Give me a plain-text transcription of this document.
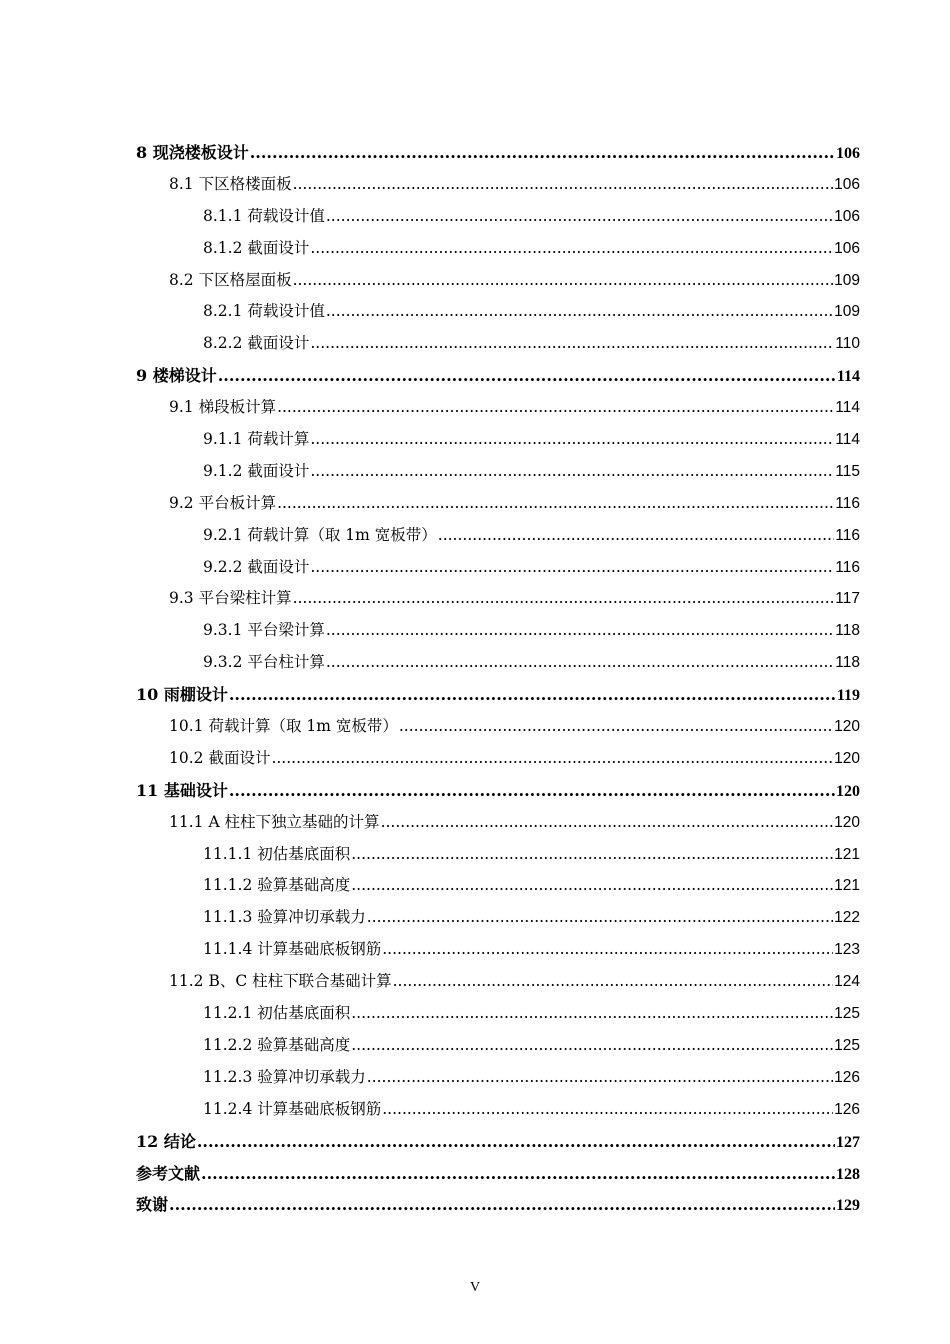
8 现浇楼板设计 .....	106
8.1 下区格楼面板 .....	106
8.1.1 荷载设计值 .....	106
8.1.2 截面设计 .....	106
8.2 下区格屋面板 .....	109
8.2.1 荷载设计值 .....	109
8.2.2 截面设计 .....	110
9 楼梯设计 .....	114
9.1 梯段板计算 .....	114
9.1.1 荷载计算 .....	114
9.1.2 截面设计 .....	115
9.2 平台板计算 .....	116
9.2.1 荷载计算（取 1m 宽板带） .....	116
9.2.2 截面设计 .....	116
9.3 平台梁柱计算 .....	117
9.3.1 平台梁计算 .....	118
9.3.2 平台柱计算 .....	118
10 雨棚设计 .....	119
10.1 荷载计算（取 1m 宽板带） .....	120
10.2 截面设计 .....	120
11 基础设计 .....	120
11.1 A 柱柱下独立基础的计算 .....	120
11.1.1 初估基底面积 .....	121
11.1.2 验算基础高度 .....	121
11.1.3 验算冲切承载力 .....	122
11.1.4 计算基础底板钢筋 .....	123
11.2 B、C 柱柱下联合基础计算 .....	124
11.2.1 初估基底面积 .....	125
11.2.2 验算基础高度 .....	125
11.2.3 验算冲切承载力 .....	126
11.2.4 计算基础底板钢筋 .....	126
12 结论 .....	127
参考文献 .....	128
致谢 .....	129
V
